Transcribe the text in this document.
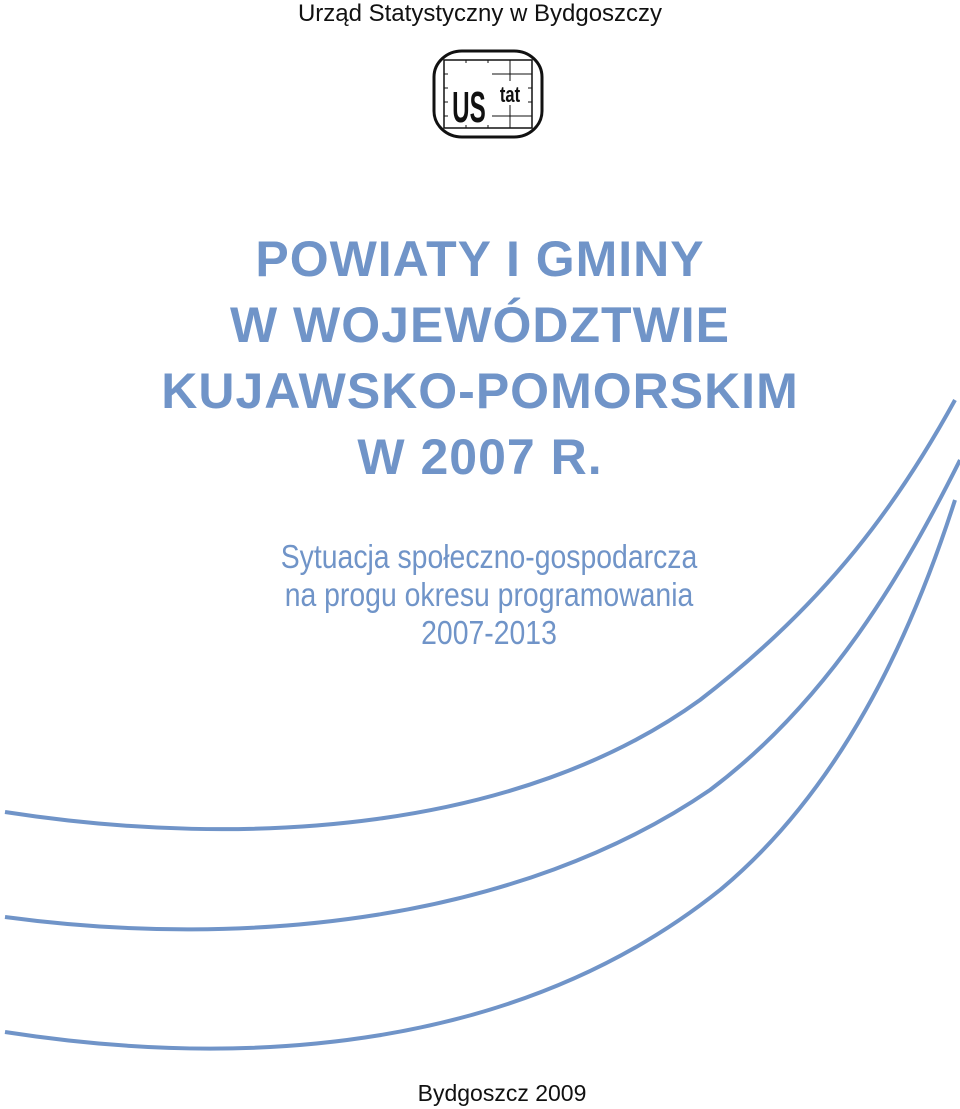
Urząd Statystyczny w Bydgoszczy
US tat
POWIATY I GMINY
W WOJEWÓDZTWIE
KUJAWSKO-POMORSKIM
W 2007 R.
Sytuacja społeczno-gospodarcza
na progu okresu programowania
2007-2013
Bydgoszcz 2009
